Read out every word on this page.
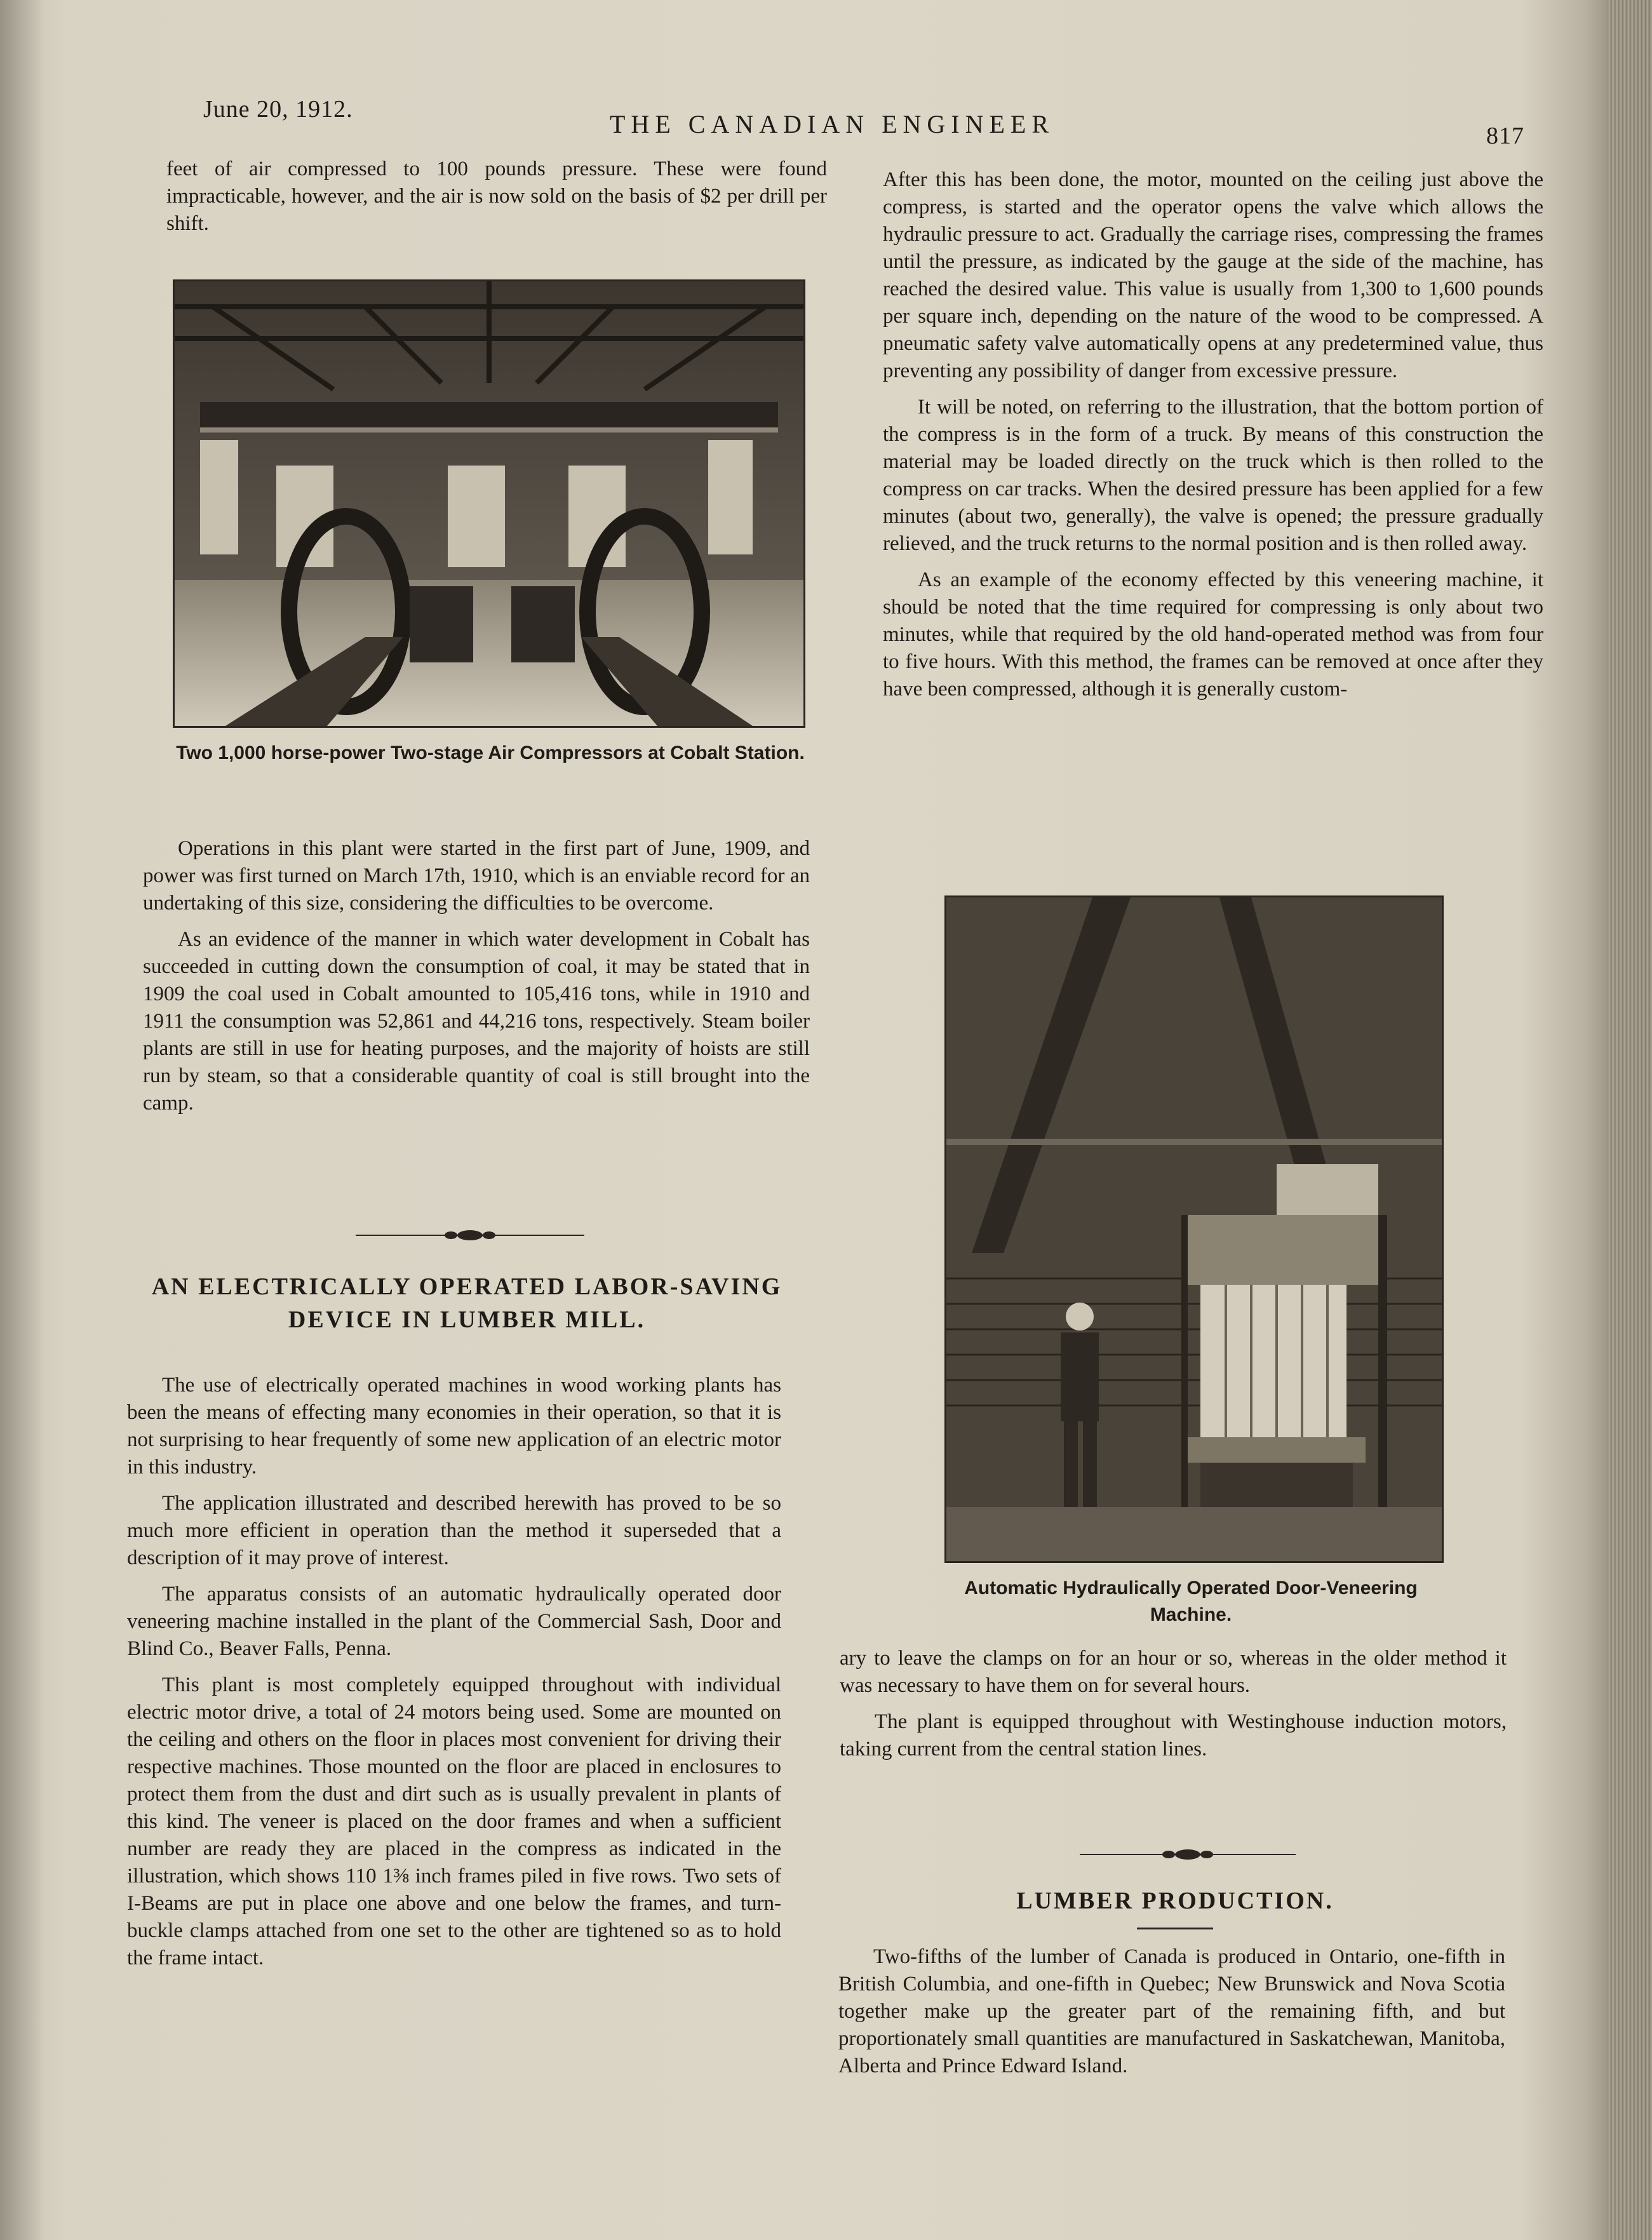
June 20, 1912.
THE CANADIAN ENGINEER	817

feet of air compressed to 100 pounds pressure. These were found impracticable, however, and the air is now sold on the basis of $2 per drill per shift.

Two 1,000 horse-power Two-stage Air Compressors at Cobalt Station.

Operations in this plant were started in the first part of June, 1909, and power was first turned on March 17th, 1910, which is an enviable record for an undertaking of this size, considering the difficulties to be overcome.

As an evidence of the manner in which water development in Cobalt has succeeded in cutting down the consumption of coal, it may be stated that in 1909 the coal used in Cobalt amounted to 105,416 tons, while in 1910 and 1911 the consumption was 52,861 and 44,216 tons, respectively. Steam boiler plants are still in use for heating purposes, and the majority of hoists are still run by steam, so that a considerable quantity of coal is still brought into the camp.

AN ELECTRICALLY OPERATED LABOR-SAVING
DEVICE IN LUMBER MILL.

The use of electrically operated machines in wood working plants has been the means of effecting many economies in their operation, so that it is not surprising to hear frequently of some new application of an electric motor in this industry.

The application illustrated and described herewith has proved to be so much more efficient in operation than the method it superseded that a description of it may prove of interest.

The apparatus consists of an automatic hydraulically operated door veneering machine installed in the plant of the Commercial Sash, Door and Blind Co., Beaver Falls, Penna.

This plant is most completely equipped throughout with individual electric motor drive, a total of 24 motors being used. Some are mounted on the ceiling and others on the floor in places most convenient for driving their respective machines. Those mounted on the floor are placed in enclosures to protect them from the dust and dirt such as is usually prevalent in plants of this kind. The veneer is placed on the door frames and when a sufficient number are ready they are placed in the compress as indicated in the illustration, which shows 110 1⅜ inch frames piled in five rows. Two sets of I-Beams are put in place one above and one below the frames, and turn-buckle clamps attached from one set to the other are tightened so as to hold the frame intact.

After this has been done, the motor, mounted on the ceiling just above the compress, is started and the operator opens the valve which allows the hydraulic pressure to act. Gradually the carriage rises, compressing the frames until the pressure, as indicated by the gauge at the side of the machine, has reached the desired value. This value is usually from 1,300 to 1,600 pounds per square inch, depending on the nature of the wood to be compressed. A pneumatic safety valve automatically opens at any predetermined value, thus preventing any possibility of danger from excessive pressure.

It will be noted, on referring to the illustration, that the bottom portion of the compress is in the form of a truck. By means of this construction the material may be loaded directly on the truck which is then rolled to the compress on car tracks. When the desired pressure has been applied for a few minutes (about two, generally), the valve is opened; the pressure gradually relieved, and the truck returns to the normal position and is then rolled away.

As an example of the economy effected by this veneering machine, it should be noted that the time required for compressing is only about two minutes, while that required by the old hand-operated method was from four to five hours. With this method, the frames can be removed at once after they have been compressed, although it is generally custom-

Automatic Hydraulically Operated Door-Veneering Machine.

ary to leave the clamps on for an hour or so, whereas in the older method it was necessary to have them on for several hours.

The plant is equipped throughout with Westinghouse induction motors, taking current from the central station lines.

LUMBER PRODUCTION.

Two-fifths of the lumber of Canada is produced in Ontario, one-fifth in British Columbia, and one-fifth in Quebec; New Brunswick and Nova Scotia together make up the greater part of the remaining fifth, and but proportionately small quantities are manufactured in Saskatchewan, Manitoba, Alberta and Prince Edward Island.
